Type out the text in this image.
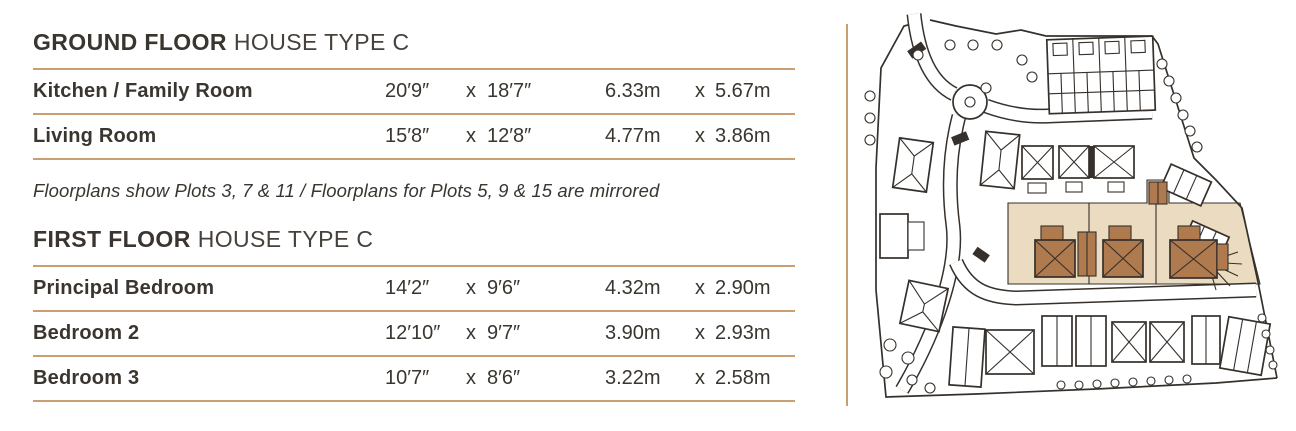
GROUND FLOOR HOUSE TYPE C
Kitchen / Family Room	20′9″	x 18′7″	6.33m	x 5.67m
Living Room	15′8″	x 12′8″	4.77m	x 3.86m

Floorplans show Plots 3, 7 & 11 / Floorplans for Plots 5, 9 & 15 are mirrored

FIRST FLOOR HOUSE TYPE C
Principal Bedroom	14′2″	x 9′6″	4.32m	x 2.90m
Bedroom 2	12′10″	x 9′7″	3.90m	x 2.93m
Bedroom 3	10′7″	x 8′6″	3.22m	x 2.58m
